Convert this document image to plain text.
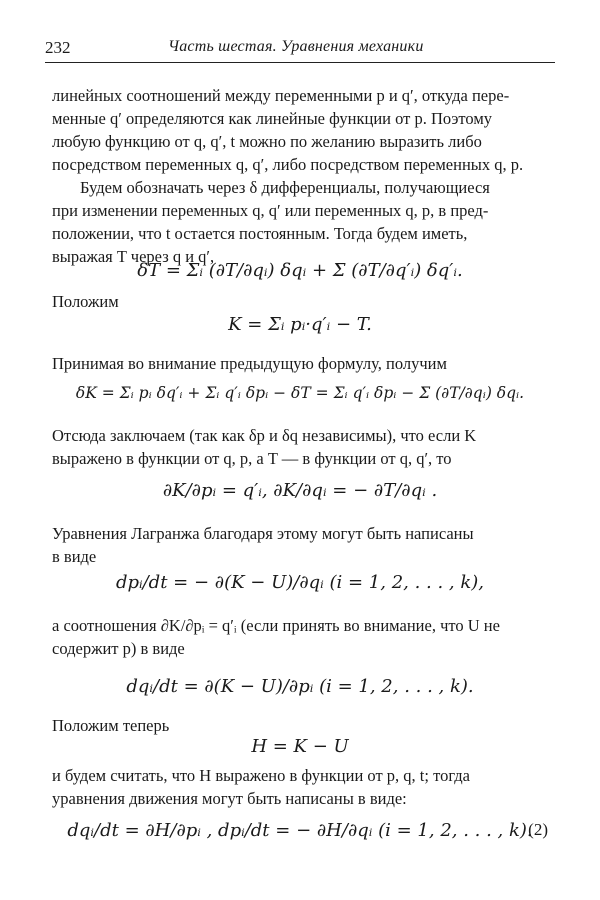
232	Часть шестая. Уравнения механики
линейных соотношений между переменными p и q′, откуда пере-
менные q′ определяются как линейные функции от p. Поэтому
любую функцию от q, q′, t можно по желанию выразить либо
посредством переменных q, q′, либо посредством переменных q, p.
Будем обозначать через δ дифференциалы, получающиеся
при изменении переменных q, q′ или переменных q, p, в пред-
положении, что t остается постоянным. Тогда будем иметь,
выражая T через q и q′,
δT = Σᵢ (∂T/∂qᵢ) δqᵢ + Σ (∂T/∂q′ᵢ) δq′ᵢ.
Положим
K = Σᵢ pᵢ·q′ᵢ − T.
Принимая во внимание предыдущую формулу, получим
δK = Σᵢ pᵢ δq′ᵢ + Σᵢ q′ᵢ δpᵢ − δT = Σᵢ q′ᵢ δpᵢ − Σ (∂T/∂qᵢ) δqᵢ.
Отсюда заключаем (так как δp и δq независимы), что если K
выражено в функции от q, p, а T — в функции от q, q′, то
∂K/∂pᵢ = q′ᵢ, ∂K/∂qᵢ = − ∂T/∂qᵢ .
Уравнения Лагранжа благодаря этому могут быть написаны
в виде
dpᵢ/dt = − ∂(K − U)/∂qᵢ (i = 1, 2, . . . , k),
а соотношения ∂K/∂pᵢ = q′ᵢ (если принять во внимание, что U не
содержит p) в виде
dqᵢ/dt = ∂(K − U)/∂pᵢ (i = 1, 2, . . . , k).
Положим теперь
H = K − U
и будем считать, что H выражено в функции от p, q, t; тогда
уравнения движения могут быть написаны в виде:
dqᵢ/dt = ∂H/∂pᵢ , dpᵢ/dt = − ∂H/∂qᵢ (i = 1, 2, . . . , k).
(2)
